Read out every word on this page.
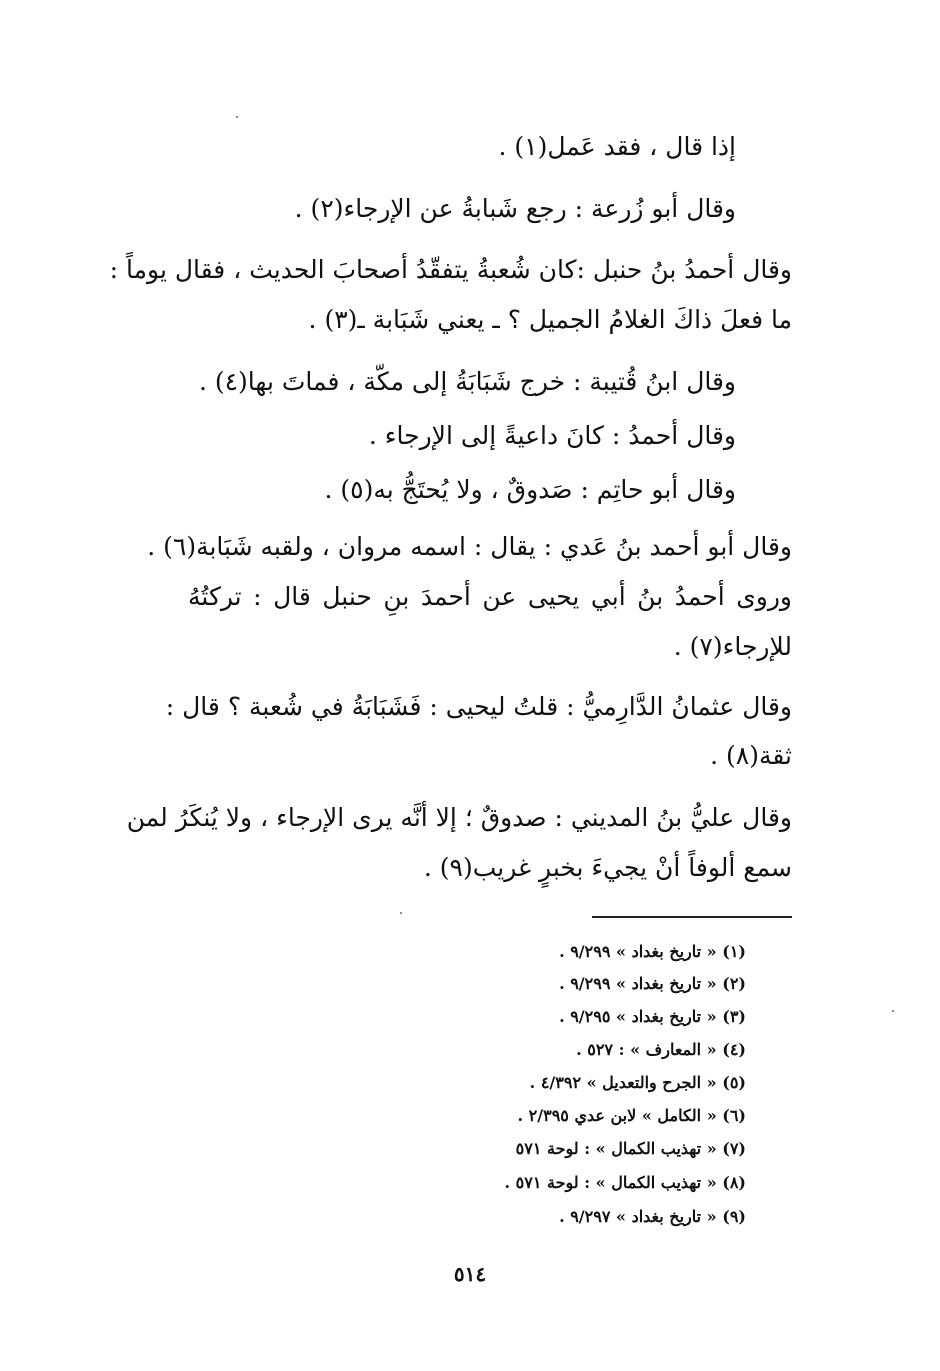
إذا قال ، فقد عَمل(١) .
وقال أبو زُرعة : رجع شَبابةُ عن الإرجاء(٢) .
وقال أحمدُ بنُ حنبل :كان شُعبةُ يتفقّدُ أصحابَ الحديث ، فقال يوماً :
ما فعلَ ذاكَ الغلامُ الجميل ؟ ـ يعني شَبَابة ـ(٣) .
وقال ابنُ قُتيبة : خرج شَبَابَةُ إلى مكّة ، فماتَ بها(٤) .
وقال أحمدُ : كانَ داعيةً إلى الإرجاء .
وقال أبو حاتِم : صَدوقٌ ، ولا يُحتَجُّ به(٥) .
وقال أبو أحمد بنُ عَدي : يقال : اسمه مروان ، ولقبه شَبَابة(٦) .
وروى أحمدُ بنُ أبي يحيى عن أحمدَ بنِ حنبل قال : تركتُهُ
للإرجاء(٧) .
وقال عثمانُ الدَّارِميُّ : قلتُ ليحيى : فَشَبَابَةُ في شُعبة ؟ قال :
ثقة(٨) .
وقال عليُّ بنُ المديني : صدوقٌ ؛ إلا أنَّه يرى الإرجاء ، ولا يُنكَرُ لمن
سمع ألوفاً أنْ يجيءَ بخبرٍ غريب(٩) .
(١) « تاريخ بغداد » ٩/٢٩٩ .
(٢) « تاريخ بغداد » ٩/٢٩٩ .
(٣) « تاريخ بغداد » ٩/٢٩٥ .
(٤) « المعارف » : ٥٢٧ .
(٥) « الجرح والتعديل » ٤/٣٩٢ .
(٦) « الكامل » لابن عدي ٢/٣٩٥ .
(٧) « تهذيب الكمال » : لوحة ٥٧١
(٨) « تهذيب الكمال » : لوحة ٥٧١ .
(٩) « تاريخ بغداد » ٩/٢٩٧ .
٥١٤
